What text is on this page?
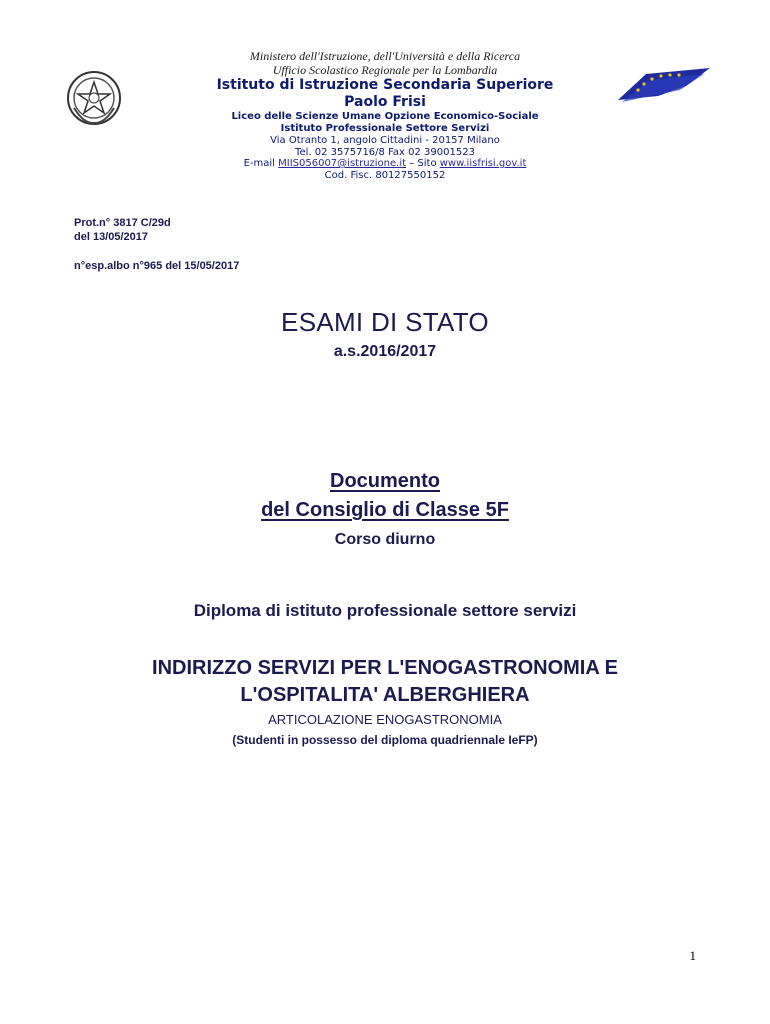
Ministero dell'Istruzione, dell'Università e della Ricerca
Ufficio Scolastico Regionale per la Lombardia
Istituto di Istruzione Secondaria Superiore
Paolo Frisi
Liceo delle Scienze Umane Opzione Economico-Sociale
Istituto Professionale Settore Servizi
Via Otranto 1, angolo Cittadini - 20157 Milano
Tel. 02 3575716/8 Fax 02 39001523
E-mail MIIS056007@istruzione.it – Sito www.iisfrisi.gov.it
Cod. Fisc. 80127550152
Prot.n° 3817 C/29d
del 13/05/2017
n°esp.albo n°965 del 15/05/2017
ESAMI DI STATO
a.s.2016/2017
Documento
del Consiglio di Classe 5F
Corso diurno
Diploma di istituto professionale settore servizi
INDIRIZZO SERVIZI PER L'ENOGASTRONOMIA E
L'OSPITALITA' ALBERGHIERA
ARTICOLAZIONE ENOGASTRONOMIA
(Studenti in possesso del diploma quadriennale IeFP)
1
